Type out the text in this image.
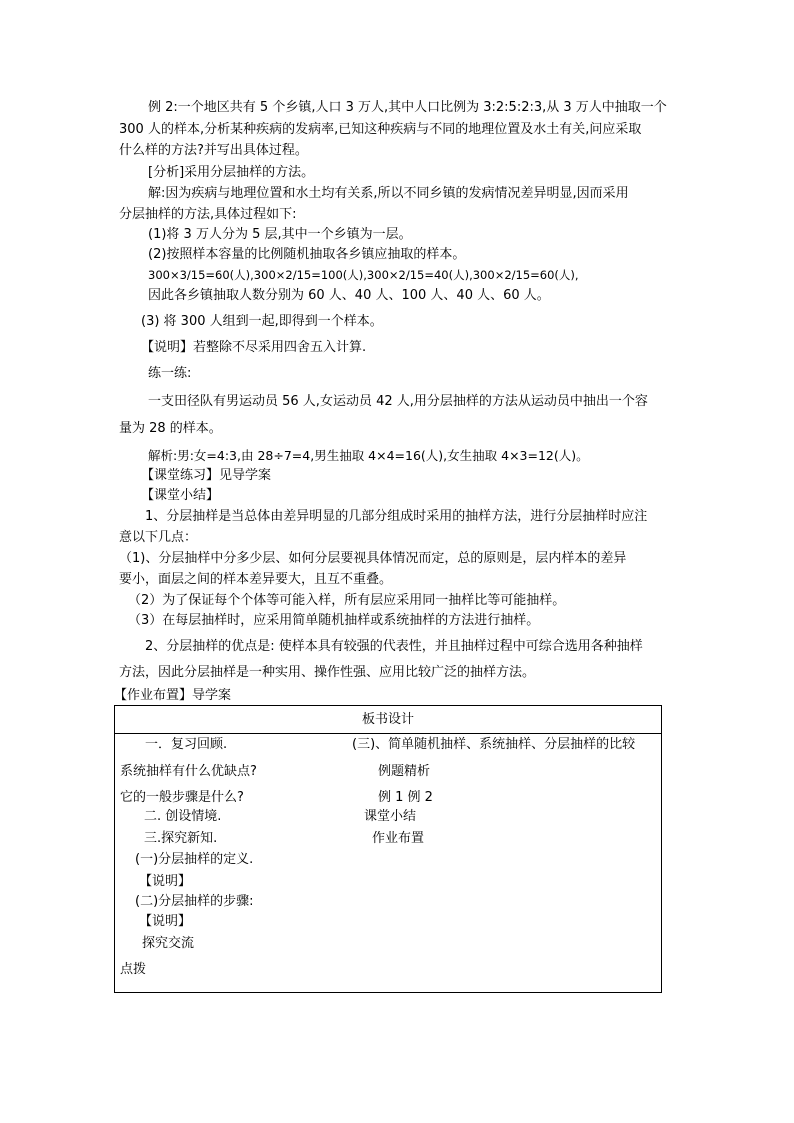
例 2:一个地区共有 5 个乡镇,人口 3 万人,其中人口比例为 3:2:5:2:3,从 3 万人中抽取一个
300 人的样本,分析某种疾病的发病率,已知这种疾病与不同的地理位置及水土有关,问应采取
什么样的方法?并写出具体过程。
[分析]采用分层抽样的方法。
解:因为疾病与地理位置和水土均有关系,所以不同乡镇的发病情况差异明显,因而采用
分层抽样的方法,具体过程如下:
(1)将 3 万人分为 5 层,其中一个乡镇为一层。
(2)按照样本容量的比例随机抽取各乡镇应抽取的样本。
300×3/15=60(人),300×2/15=100(人),300×2/15=40(人),300×2/15=60(人),
因此各乡镇抽取人数分别为 60 人、40 人、100 人、40 人、60 人。
(3) 将 300 人组到一起,即得到一个样本。
【说明】若整除不尽采用四舍五入计算.
练一练:
一支田径队有男运动员 56 人,女运动员 42 人,用分层抽样的方法从运动员中抽出一个容
量为 28 的样本。
解析:男:女=4:3,由 28÷7=4,男生抽取 4×4=16(人),女生抽取 4×3=12(人)。
【课堂练习】见导学案
【课堂小结】
1、分层抽样是当总体由差异明显的几部分组成时采用的抽样方法，进行分层抽样时应注
意以下几点：
（1)、分层抽样中分多少层、如何分层要视具体情况而定，总的原则是，层内样本的差异
要小，面层之间的样本差异要大，且互不重叠。
（2）为了保证每个个体等可能入样，所有层应采用同一抽样比等可能抽样。
（3）在每层抽样时，应采用简单随机抽样或系统抽样的方法进行抽样。
2、分层抽样的优点是: 使样本具有较强的代表性，并且抽样过程中可综合选用各种抽样
方法，因此分层抽样是一种实用、操作性强、应用比较广泛的抽样方法。
【作业布置】导学案
板书设计
一．复习回顾.
系统抽样有什么优缺点?
它的一般步骤是什么?
二. 创设情境.
三.探究新知.
(一)分层抽样的定义.
【说明】
(二)分层抽样的步骤:
【说明】
探究交流
点拨
(三)、简单随机抽样、系统抽样、分层抽样的比较
例题精析
例 1 例 2
课堂小结
作业布置
